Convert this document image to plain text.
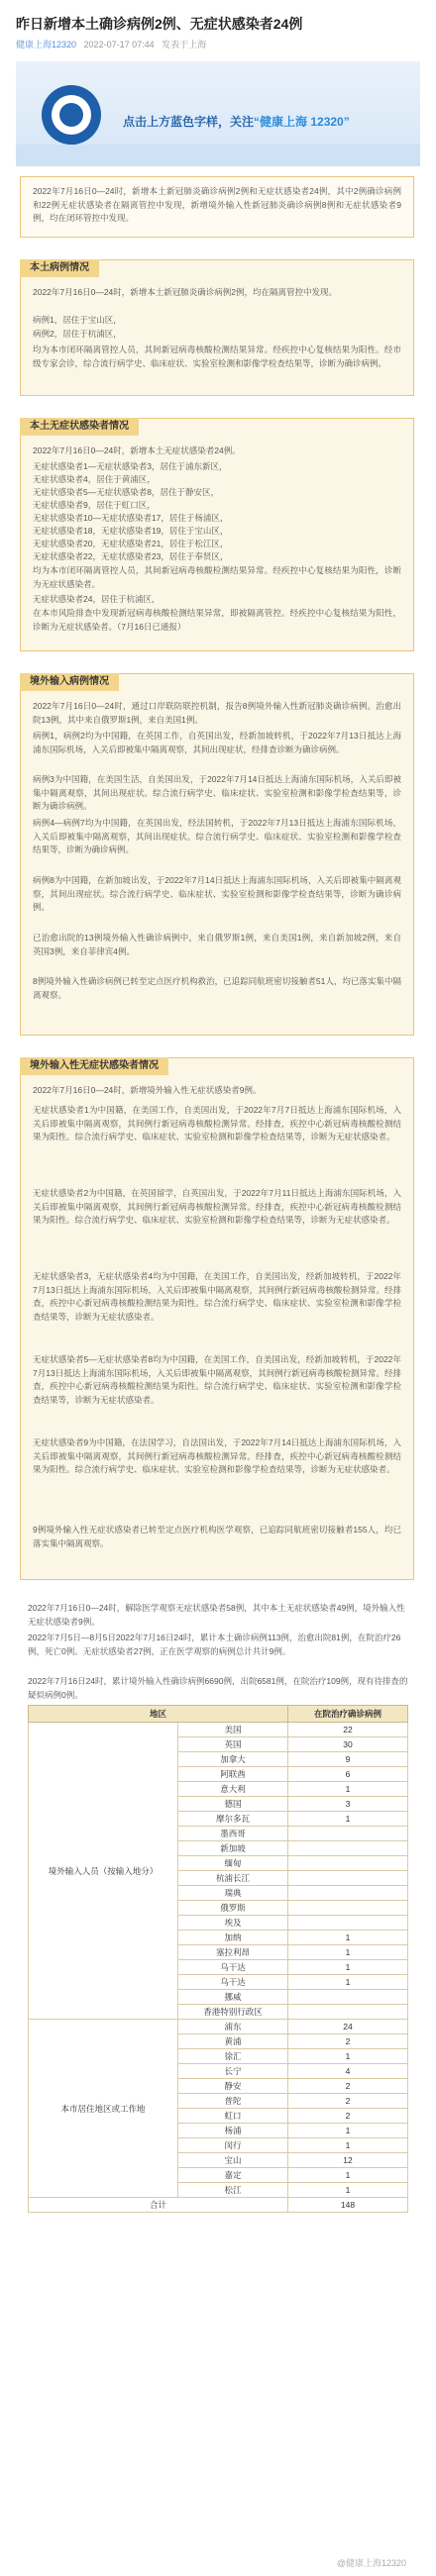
昨日新增本土确诊病例2例、无症状感染者24例
健康上海12320 2022-07-17 07:44 发表于上海
点击上方蓝色字样，关注“健康上海 12320”
2022年7月16日0—24时，新增本土新冠肺炎确诊病例2例和无症状感染者24例，其中2例确诊病例和22例无症状感染者在隔离管控中发现，新增境外输入性新冠肺炎确诊病例8例和无症状感染者9例，均在闭环管控中发现。
本土病例情况
2022年7月16日0—24时，新增本土新冠肺炎确诊病例2例，均在隔离管控中发现。
病例1，居住于宝山区，
病例2，居住于杭浦区，
均为本市闭环隔离管控人员，其间新冠病毒核酸检测结果异常。经疾控中心复核结果为阳性。经市级专家会诊，综合流行病学史、临床症状、实验室检测和影像学检查结果等，诊断为确诊病例。
本土无症状感染者情况
2022年7月16日0—24时，新增本土无症状感染者24例。
无症状感染者1—无症状感染者3，居住于浦东新区，
无症状感染者4，居住于黄浦区，
无症状感染者5—无症状感染者8，居住于静安区，
无症状感染者9，居住于虹口区，
无症状感染者10—无症状感染者17，居住于杨浦区，
无症状感染者18，无症状感染者19，居住于宝山区，
无症状感染者20，无症状感染者21，居住于松江区，
无症状感染者22，无症状感染者23，居住于奉贤区，
均为本市闭环隔离管控人员，其间新冠病毒核酸检测结果异常。经疾控中心复核结果为阳性，诊断为无症状感染者。
无症状感染者24，居住于杭浦区，
在本市风险排查中发现新冠病毒核酸检测结果异常，即被隔离管控。经疾控中心复核结果为阳性，诊断为无症状感染者。（7月16日已通报）
境外输入病例情况
2022年7月16日0—24时，通过口岸联防联控机制，报告8例境外输入性新冠肺炎确诊病例。治愈出院13例，其中来自俄罗斯1例，来自美国1例。
病例1，病例2均为中国籍，在英国工作，自英国出发，经新加坡转机，于2022年7月13日抵达上海浦东国际机场，入关后即被集中隔离观察，其间出现症状，经排查诊断为确诊病例。
病例3为中国籍，在美国生活，自美国出发，于2022年7月14日抵达上海浦东国际机场，入关后即被集中隔离观察，其间出现症状。综合流行病学史、临床症状、实验室检测和影像学检查结果等，诊断为确诊病例。
病例4—病例7均为中国籍，在英国出发，经法国转机，于2022年7月13日抵达上海浦东国际机场，入关后即被集中隔离观察，其间出现症状。综合流行病学史、临床症状、实验室检测和影像学检查结果等，诊断为确诊病例。
病例8为中国籍，在新加坡出发，于2022年7月14日抵达上海浦东国际机场，入关后即被集中隔离观察，其间出现症状。综合流行病学史、临床症状、实验室检测和影像学检查结果等，诊断为确诊病例。
已治愈出院的13例境外输入性确诊病例中，来自俄罗斯1例，来自美国1例，来自新加坡2例，来自英国3例，来自菲律宾4例。
8例境外输入性确诊病例已转至定点医疗机构救治，已追踪同航班密切接触者51人，均已落实集中隔离观察。
境外输入性无症状感染者情况
2022年7月16日0—24时，新增境外输入性无症状感染者9例。
无症状感染者1为中国籍，在美国工作，自美国出发，于2022年7月7日抵达上海浦东国际机场，入关后即被集中隔离观察，其间例行新冠病毒核酸检测异常。经排查，疾控中心新冠病毒核酸检测结果为阳性。综合流行病学史、临床症状、实验室检测和影像学检查结果等，诊断为无症状感染者。
无症状感染者2为中国籍，在英国留学，自英国出发，于2022年7月11日抵达上海浦东国际机场，入关后即被集中隔离观察，其间例行新冠病毒核酸检测异常。经排查，疾控中心新冠病毒核酸检测结果为阳性。综合流行病学史、临床症状、实验室检测和影像学检查结果等，诊断为无症状感染者。
无症状感染者3，无症状感染者4均为中国籍，在美国工作，自美国出发，经新加坡转机，于2022年7月13日抵达上海浦东国际机场，入关后即被集中隔离观察，其间例行新冠病毒核酸检测异常。经排查，疾控中心新冠病毒核酸检测结果为阳性。综合流行病学史、临床症状、实验室检测和影像学检查结果等，诊断为无症状感染者。
无症状感染者5—无症状感染者8均为中国籍，在美国工作，自美国出发，经新加坡转机，于2022年7月13日抵达上海浦东国际机场，入关后即被集中隔离观察，其间例行新冠病毒核酸检测异常。经排查，疾控中心新冠病毒核酸检测结果为阳性。综合流行病学史、临床症状、实验室检测和影像学检查结果等，诊断为无症状感染者。
无症状感染者9为中国籍，在法国学习，自法国出发，于2022年7月14日抵达上海浦东国际机场，入关后即被集中隔离观察，其间例行新冠病毒核酸检测异常。经排查，疾控中心新冠病毒核酸检测结果为阳性。综合流行病学史、临床症状、实验室检测和影像学检查结果等，诊断为无症状感染者。
9例境外输入性无症状感染者已转至定点医疗机构医学观察，已追踪同航班密切接触者155人，均已落实集中隔离观察。
2022年7月16日0—24时，解除医学观察无症状感染者58例，其中本土无症状感染者49例，境外输入性无症状感染者9例。
2022年7月5日—8月5日2022年7月16日24时，累计本土确诊病例113例，治愈出院81例，在院治疗26例，死亡0例。无症状感染者27例，正在医学观察的病例总计共计9例。
2022年7月16日24时，累计境外输入性确诊病例6690例，出院6581例，在院治疗109例，现有待排查的疑似病例0例。
地区		在院治疗确诊病例
境外输入人员（按输入地分）	美国	22
	英国	30
	加拿大	9
	阿联酋	6
	意大利	1
	德国	3
	摩尔多瓦	1
	墨西哥	
	新加坡	
	缅甸	
	杭浦长江	
	瑞典	
	俄罗斯	
	埃及	
	加纳	1
	塞拉利昂	1
	乌干达	1
	乌干达	1
	挪威	
	香港特别行政区	
本市居住地区或工作地	浦东	24
	黄浦	2
	徐汇	1
	长宁	4
	静安	2
	普陀	2
	虹口	2
	杨浦	1
	闵行	1
	宝山	12
	嘉定	1
	松江	1
合计		148
@健康上海12320
